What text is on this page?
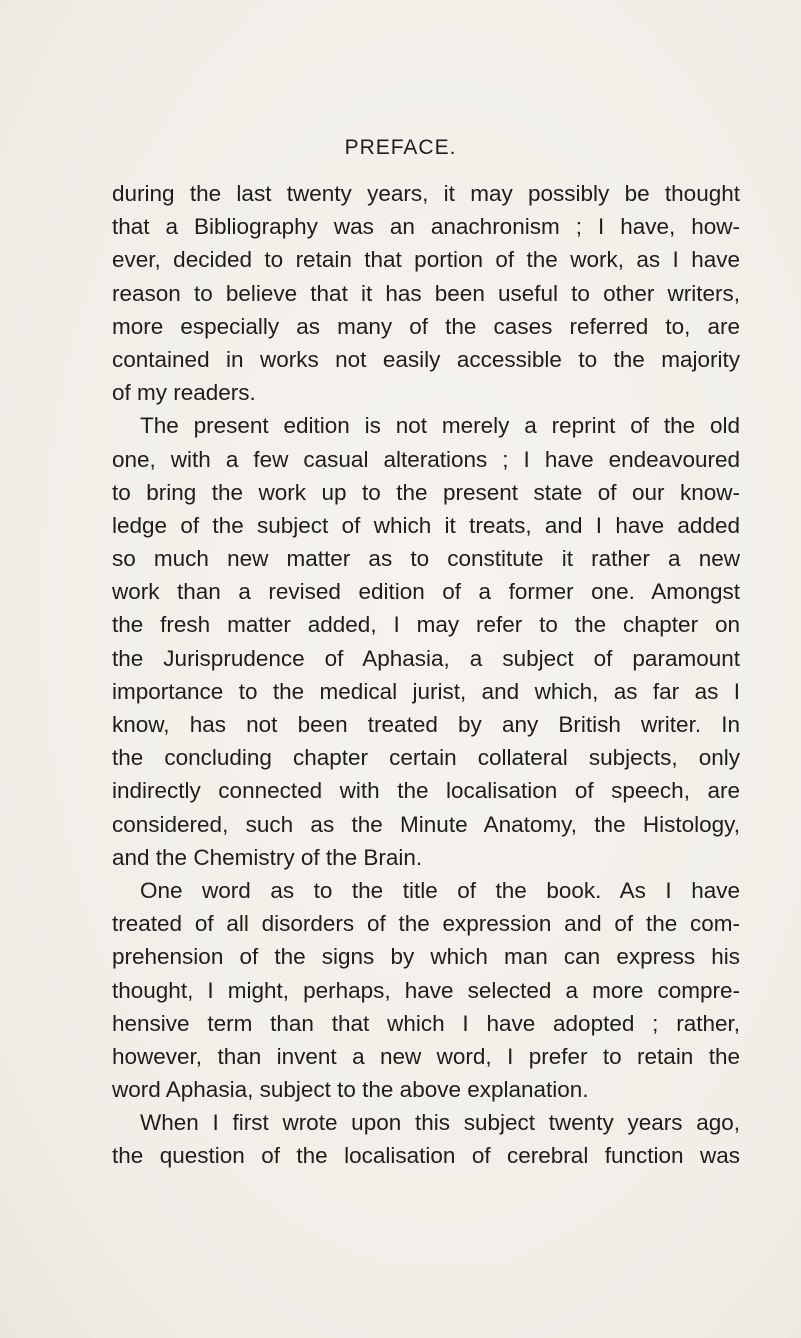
PREFACE.
during the last twenty years, it may possibly be thought
that a Bibliography was an anachronism ; I have, how-
ever, decided to retain that portion of the work, as I have
reason to believe that it has been useful to other writers,
more especially as many of the cases referred to, are
contained in works not easily accessible to the majority
of my readers.
The present edition is not merely a reprint of the old
one, with a few casual alterations ; I have endeavoured
to bring the work up to the present state of our know-
ledge of the subject of which it treats, and I have added
so much new matter as to constitute it rather a new
work than a revised edition of a former one. Amongst
the fresh matter added, I may refer to the chapter on
the Jurisprudence of Aphasia, a subject of paramount
importance to the medical jurist, and which, as far as I
know, has not been treated by any British writer. In
the concluding chapter certain collateral subjects, only
indirectly connected with the localisation of speech, are
considered, such as the Minute Anatomy, the Histology,
and the Chemistry of the Brain.
One word as to the title of the book. As I have
treated of all disorders of the expression and of the com-
prehension of the signs by which man can express his
thought, I might, perhaps, have selected a more compre-
hensive term than that which I have adopted ; rather,
however, than invent a new word, I prefer to retain the
word Aphasia, subject to the above explanation.
When I first wrote upon this subject twenty years ago,
the question of the localisation of cerebral function was
